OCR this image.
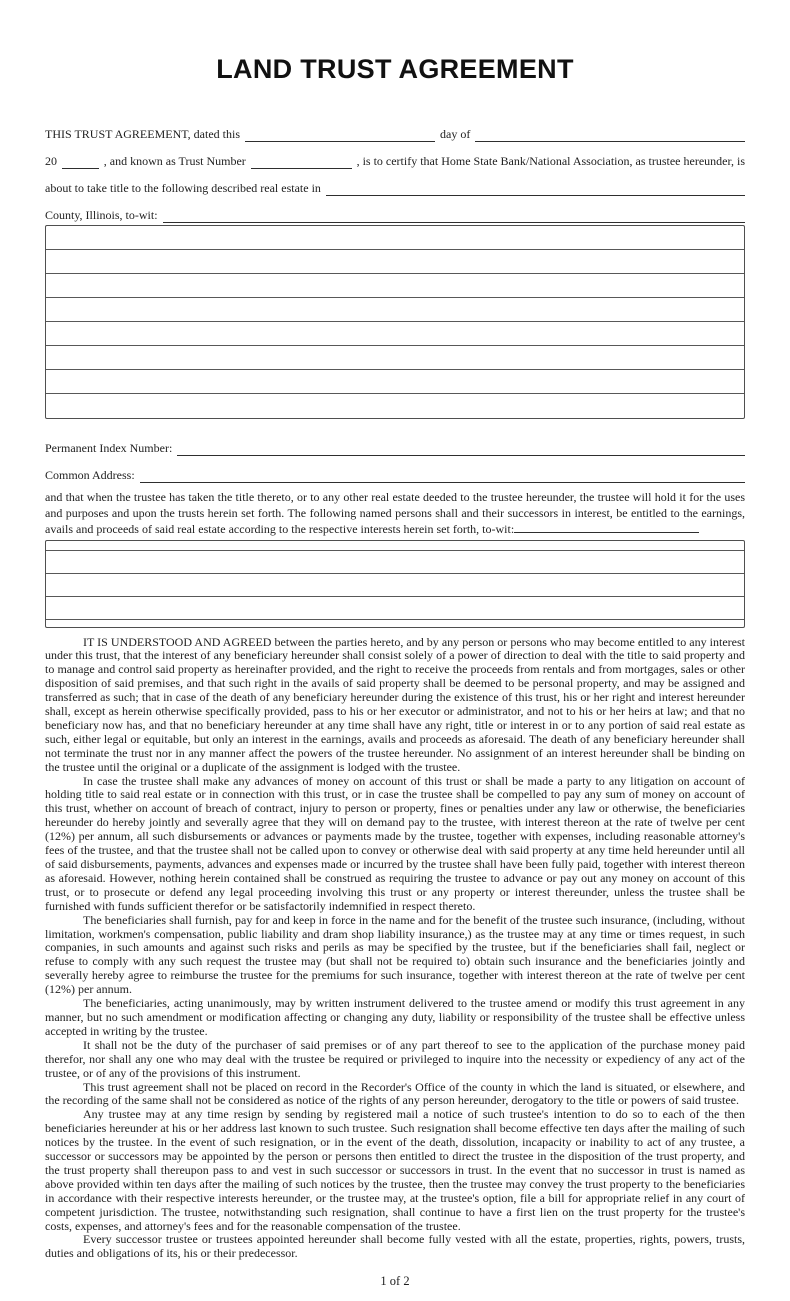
LAND TRUST AGREEMENT
THIS TRUST AGREEMENT, dated this	day of
20	, and known as Trust Number	, is to certify that Home State Bank/National Association, as trustee hereunder, is
about to take title to the following described real estate in
County, Illinois, to-wit:
Permanent Index Number:
Common Address:

and that when the trustee has taken the title thereto, or to any other real estate deeded to the trustee hereunder, the trustee will hold it for the uses and purposes and upon the trusts herein set forth. The following named persons shall and their successors in interest, be entitled to the earnings, avails and proceeds of said real estate according to the respective interests herein set forth, to-wit:

IT IS UNDERSTOOD AND AGREED between the parties hereto, and by any person or persons who may become entitled to any interest under this trust, that the interest of any beneficiary hereunder shall consist solely of a power of direction to deal with the title to said property and to manage and control said property as hereinafter provided, and the right to receive the proceeds from rentals and from mortgages, sales or other disposition of said premises, and that such right in the avails of said property shall be deemed to be personal property, and may be assigned and transferred as such; that in case of the death of any beneficiary hereunder during the existence of this trust, his or her right and interest hereunder shall, except as herein otherwise specifically provided, pass to his or her executor or administrator, and not to his or her heirs at law; and that no beneficiary now has, and that no beneficiary hereunder at any time shall have any right, title or interest in or to any portion of said real estate as such, either legal or equitable, but only an interest in the earnings, avails and proceeds as aforesaid. The death of any beneficiary hereunder shall not terminate the trust nor in any manner affect the powers of the trustee hereunder. No assignment of an interest hereunder shall be binding on the trustee until the original or a duplicate of the assignment is lodged with the trustee.

In case the trustee shall make any advances of money on account of this trust or shall be made a party to any litigation on account of holding title to said real estate or in connection with this trust, or in case the trustee shall be compelled to pay any sum of money on account of this trust, whether on account of breach of contract, injury to person or property, fines or penalties under any law or otherwise, the beneficiaries hereunder do hereby jointly and severally agree that they will on demand pay to the trustee, with interest thereon at the rate of twelve per cent (12%) per annum, all such disbursements or advances or payments made by the trustee, together with expenses, including reasonable attorney's fees of the trustee, and that the trustee shall not be called upon to convey or otherwise deal with said property at any time held hereunder until all of said disbursements, payments, advances and expenses made or incurred by the trustee shall have been fully paid, together with interest thereon as aforesaid. However, nothing herein contained shall be construed as requiring the trustee to advance or pay out any money on account of this trust, or to prosecute or defend any legal proceeding involving this trust or any property or interest thereunder, unless the trustee shall be furnished with funds sufficient therefor or be satisfactorily indemnified in respect thereto.

The beneficiaries shall furnish, pay for and keep in force in the name and for the benefit of the trustee such insurance, (including, without limitation, workmen's compensation, public liability and dram shop liability insurance,) as the trustee may at any time or times request, in such companies, in such amounts and against such risks and perils as may be specified by the trustee, but if the beneficiaries shall fail, neglect or refuse to comply with any such request the trustee may (but shall not be required to) obtain such insurance and the beneficiaries jointly and severally hereby agree to reimburse the trustee for the premiums for such insurance, together with interest thereon at the rate of twelve per cent (12%) per annum.

The beneficiaries, acting unanimously, may by written instrument delivered to the trustee amend or modify this trust agreement in any manner, but no such amendment or modification affecting or changing any duty, liability or responsibility of the trustee shall be effective unless accepted in writing by the trustee.

It shall not be the duty of the purchaser of said premises or of any part thereof to see to the application of the purchase money paid therefor, nor shall any one who may deal with the trustee be required or privileged to inquire into the necessity or expediency of any act of the trustee, or of any of the provisions of this instrument.

This trust agreement shall not be placed on record in the Recorder's Office of the county in which the land is situated, or elsewhere, and the recording of the same shall not be considered as notice of the rights of any person hereunder, derogatory to the title or powers of said trustee.

Any trustee may at any time resign by sending by registered mail a notice of such trustee's intention to do so to each of the then beneficiaries hereunder at his or her address last known to such trustee. Such resignation shall become effective ten days after the mailing of such notices by the trustee. In the event of such resignation, or in the event of the death, dissolution, incapacity or inability to act of any trustee, a successor or successors may be appointed by the person or persons then entitled to direct the trustee in the disposition of the trust property, and the trust property shall thereupon pass to and vest in such successor or successors in trust. In the event that no successor in trust is named as above provided within ten days after the mailing of such notices by the trustee, then the trustee may convey the trust property to the beneficiaries in accordance with their respective interests hereunder, or the trustee may, at the trustee's option, file a bill for appropriate relief in any court of competent jurisdiction. The trustee, notwithstanding such resignation, shall continue to have a first lien on the trust property for the trustee's costs, expenses, and attorney's fees and for the reasonable compensation of the trustee.

Every successor trustee or trustees appointed hereunder shall become fully vested with all the estate, properties, rights, powers, trusts, duties and obligations of its, his or their predecessor.

1 of 2
